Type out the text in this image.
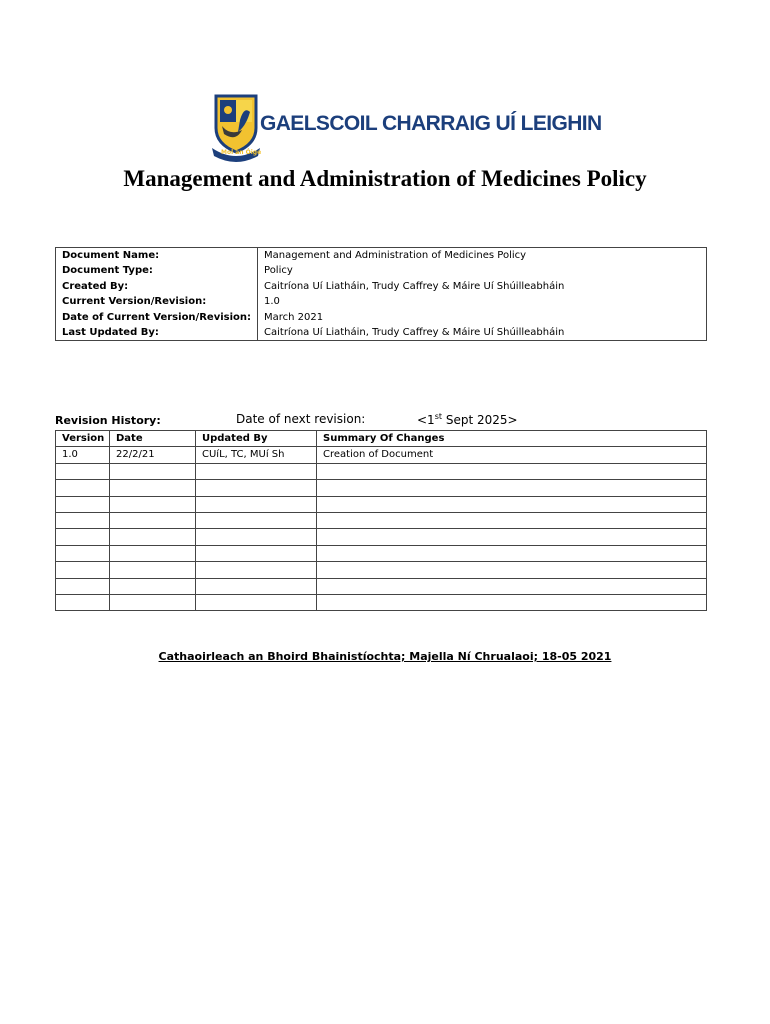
Mol an Óige
GAELSCOIL CHARRAIG UÍ LEIGHIN
Management and Administration of Medicines Policy
Document Name:	Management and Administration of Medicines Policy
Document Type:	Policy
Created By:	Caitríona Uí Liatháin, Trudy Caffrey & Máire Uí Shúilleabháin
Current Version/Revision:	1.0
Date of Current Version/Revision:	March 2021
Last Updated By:	Caitríona Uí Liatháin, Trudy Caffrey & Máire Uí Shúilleabháin
Revision History:	Date of next revision:	<1st Sept 2025>
Version	Date	Updated By	Summary Of Changes
1.0	22/2/21	CUíL, TC, MUí Sh	Creation of Document

Cathaoirleach an Bhoird Bhainistíochta; Majella Ní Chrualaoi; 18-05 2021
